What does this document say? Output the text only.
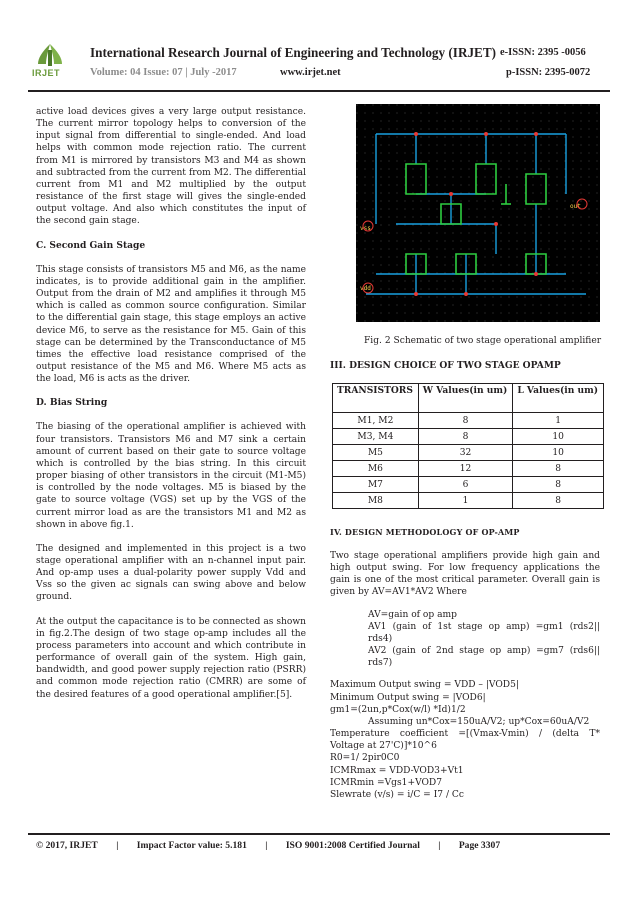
IRJET
International Research Journal of Engineering and Technology (IRJET) e-ISSN: 2395 -0056
Volume: 04 Issue: 07 | July -2017	www.irjet.net	p-ISSN: 2395-0072

active load devices gives a very large output resistance. The current mirror topology helps to conversion of the input signal from differential to single-ended. And load helps with common mode rejection ratio. The current from M1 is mirrored by transistors M3 and M4 as shown and subtracted from the current from M2. The differential current from M1 and M2 multiplied by the output resistance of the first stage will gives the single-ended output voltage. And also which constitutes the input of the second gain stage.

C. Second Gain Stage

This stage consists of transistors M5 and M6, as the name indicates, is to provide additional gain in the amplifier. Output from the drain of M2 and amplifies it through M5 which is called as common source configuration. Similar to the differential gain stage, this stage employs an active device M6, to serve as the resistance for M5. Gain of this stage can be determined by the Transconductance of M5 times the effective load resistance comprised of the output resistance of the M5 and M6. Where M5 acts as the load, M6 is acts as the driver.

D. Bias String

The biasing of the operational amplifier is achieved with four transistors. Transistors M6 and M7 sink a certain amount of current based on their gate to source voltage which is controlled by the bias string. In this circuit proper biasing of other transistors in the circuit (M1-M5) is controlled by the node voltages. M5 is biased by the gate to source voltage (VGS) set up by the VGS of the current mirror load as are the transistors M1 and M2 as shown in above fig.1.

The designed and implemented in this project is a two stage operational amplifier with an n-channel input pair. And op-amp uses a dual-polarity power supply Vdd and Vss so the given ac signals can swing above and below ground.

At the output the capacitance is to be connected as shown in fig.2.The design of two stage op-amp includes all the process parameters into account and which contribute in performance of overall gain of the system. High gain, bandwidth, and good power supply rejection ratio (PSRR) and common mode rejection ratio (CMRR) are some of the desired features of a good operational amplifier.[5].

vss
vdd
out
Fig. 2 Schematic of two stage operational amplifier
III. DESIGN CHOICE OF TWO STAGE OPAMP
TRANSISTORS	W Values(in um)	L Values(in um)
M1, M2	8	1
M3, M4	8	10
M5	32	10
M6	12	8
M7	6	8
M8	1	8
IV. DESIGN METHODOLOGY OF OP-AMP

Two stage operational amplifiers provide high gain and high output swing. For low frequency applications the gain is one of the most critical parameter. Overall gain is given by AV=AV1*AV2 Where

AV=gain of op amp
AV1 (gain of 1st stage op amp) =gm1 (rds2|| rds4)
AV2 (gain of 2nd stage op amp) =gm7 (rds6|| rds7)
Maximum Output swing = VDD – |VOD5|
Minimum Output swing = |VOD6|
gm1=(2un,p*Cox(w/l) *Id)1/2
Assuming un*Cox=150uA/V2; up*Cox=60uA/V2
Temperature coefficient =[(Vmax-Vmin) / (delta T* Voltage at 27'C)]*10^6
R0=1/ 2pir0C0
ICMRmax = VDD-VOD3+Vt1
ICMRmin =Vgs1+VOD7
Slewrate (v/s) = i/C = I7 / Cc
© 2017, IRJET | Impact Factor value: 5.181 | ISO 9001:2008 Certified Journal | Page 3307
